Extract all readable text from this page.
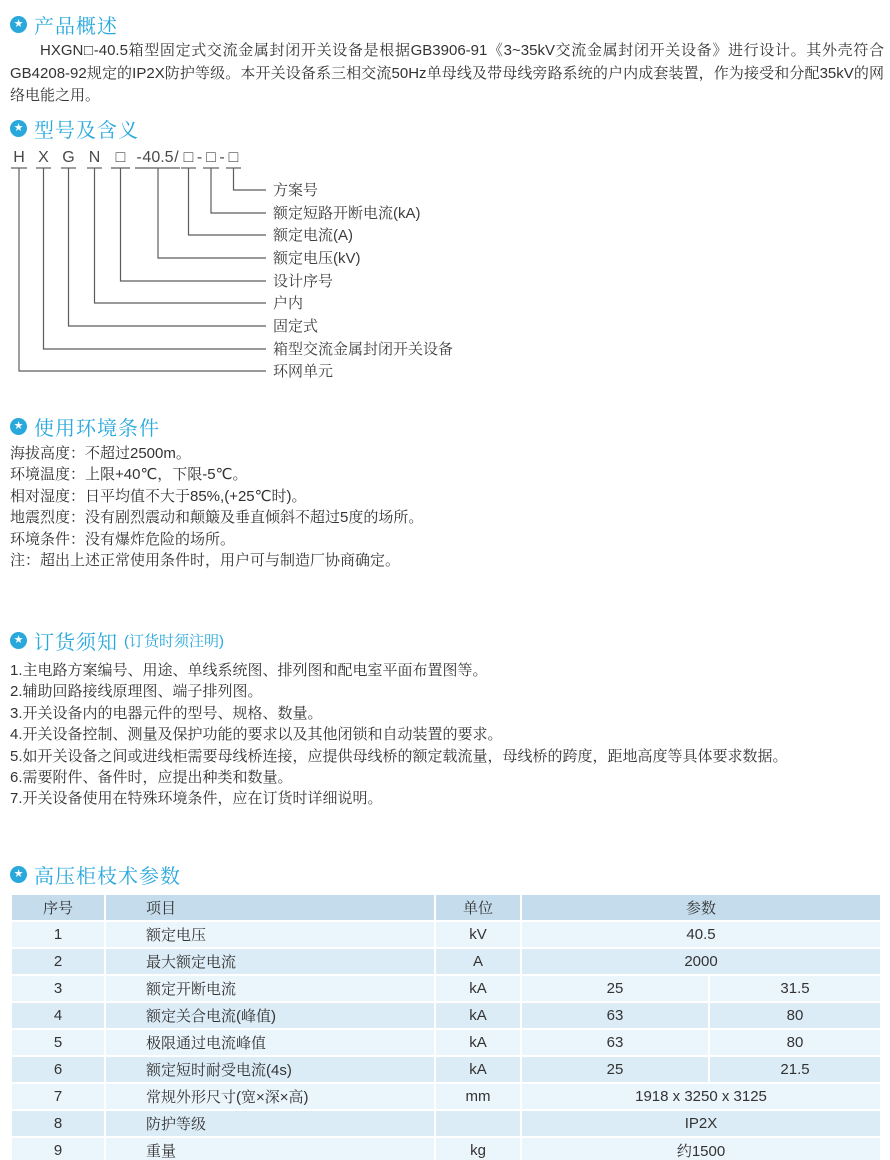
★ 产品概述

HXGN□-40.5箱型固定式交流金属封闭开关设备是根据GB3906-91《3~35kV交流金属封闭开关设备》进行设计。其外壳符合GB4208-92规定的IP2X防护等级。本开关设备系三相交流50Hz单母线及带母线旁路系统的户内成套装置，作为接受和分配35kV的网络电能之用。

★ 型号及含义
H X G N □ - 40.5 / □ - □ - □
方案号
额定短路开断电流(kA)
额定电流(A)
额定电压(kV)
设计序号
户内
固定式
箱型交流金属封闭开关设备
环网单元
★ 使用环境条件
海拔高度：不超过2500m。
环境温度：上限+40℃，下限-5℃。
相对湿度：日平均值不大于85%,(+25℃时)。
地震烈度：没有剧烈震动和颠簸及垂直倾斜不超过5度的场所。
环境条件：没有爆炸危险的场所。
注：超出上述正常使用条件时，用户可与制造厂协商确定。
★ 订货须知 (订货时须注明)
1.主电路方案编号、用途、单线系统图、排列图和配电室平面布置图等。
2.辅助回路接线原理图、端子排列图。
3.开关设备内的电器元件的型号、规格、数量。
4.开关设备控制、测量及保护功能的要求以及其他闭锁和自动装置的要求。
5.如开关设备之间或进线柜需要母线桥连接，应提供母线桥的额定载流量，母线桥的跨度，距地高度等具体要求数据。
6.需要附件、备件时，应提出种类和数量。
7.开关设备使用在特殊环境条件，应在订货时详细说明。
★ 高压柜枝术参数
序号	项目	单位	参数	
1	额定电压	kV	40.5	
2	最大额定电流	A	2000	
3	额定开断电流	kA	25	31.5
4	额定关合电流(峰值)	kA	63	80
5	极限通过电流峰值	kA	63	80
6	额定短时耐受电流(4s)	kA	25	21.5
7	常规外形尺寸(宽×深×高)	mm	1918 x 3250 x 3125	
8	防护等级		IP2X	
9	重量	kg	约1500	
